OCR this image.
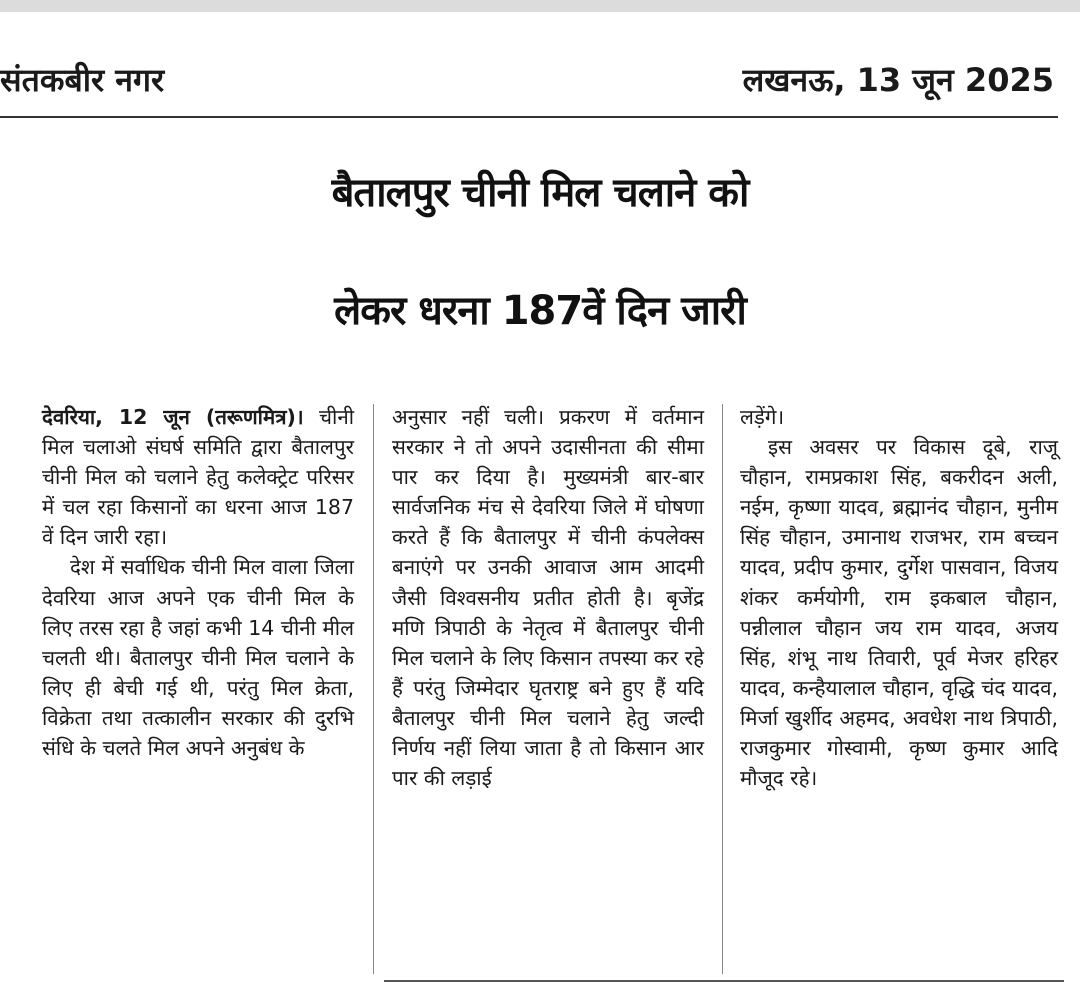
संतकबीर नगर	लखनऊ, 13 जून 2025
बैतालपुर चीनी मिल चलाने को
लेकर धरना 187वें दिन जारी

देवरिया, 12 जून (तरूणमित्र)। चीनी मिल चलाओ संघर्ष समिति द्वारा बैतालपुर चीनी मिल को चलाने हेतु कलेक्ट्रेट परिसर में चल रहा किसानों का धरना आज 187 वें दिन जारी रहा।

देश में सर्वाधिक चीनी मिल वाला जिला देवरिया आज अपने एक चीनी मिल के लिए तरस रहा है जहां कभी 14 चीनी मील चलती थी। बैतालपुर चीनी मिल चलाने के लिए ही बेची गई थी, परंतु मिल क्रेता, विक्रेता तथा तत्कालीन सरकार की दुरभि संधि के चलते मिल अपने अनुबंध के

अनुसार नहीं चली। प्रकरण में वर्तमान सरकार ने तो अपने उदासीनता की सीमा पार कर दिया है। मुख्यमंत्री बार-बार सार्वजनिक मंच से देवरिया जिले में घोषणा करते हैं कि बैतालपुर में चीनी कंपलेक्स बनाएंगे पर उनकी आवाज आम आदमी जैसी विश्वसनीय प्रतीत होती है। बृजेंद्र मणि त्रिपाठी के नेतृत्व में बैतालपुर चीनी मिल चलाने के लिए किसान तपस्या कर रहे हैं परंतु जिम्मेदार घृतराष्ट्र बने हुए हैं यदि बैतालपुर चीनी मिल चलाने हेतु जल्दी निर्णय नहीं लिया जाता है तो किसान आर पार की लड़ाई

लड़ेंगे।

इस अवसर पर विकास दूबे, राजू चौहान, रामप्रकाश सिंह, बकरीदन अली, नईम, कृष्णा यादव, ब्रह्मानंद चौहान, मुनीम सिंह चौहान, उमानाथ राजभर, राम बच्चन यादव, प्रदीप कुमार, दुर्गेश पासवान, विजय शंकर कर्मयोगी, राम इकबाल चौहान, पन्नीलाल चौहान जय राम यादव, अजय सिंह, शंभू नाथ तिवारी, पूर्व मेजर हरिहर यादव, कन्हैयालाल चौहान, वृद्धि चंद यादव, मिर्जा खुर्शीद अहमद, अवधेश नाथ त्रिपाठी, राजकुमार गोस्वामी, कृष्ण कुमार आदि मौजूद रहे।
